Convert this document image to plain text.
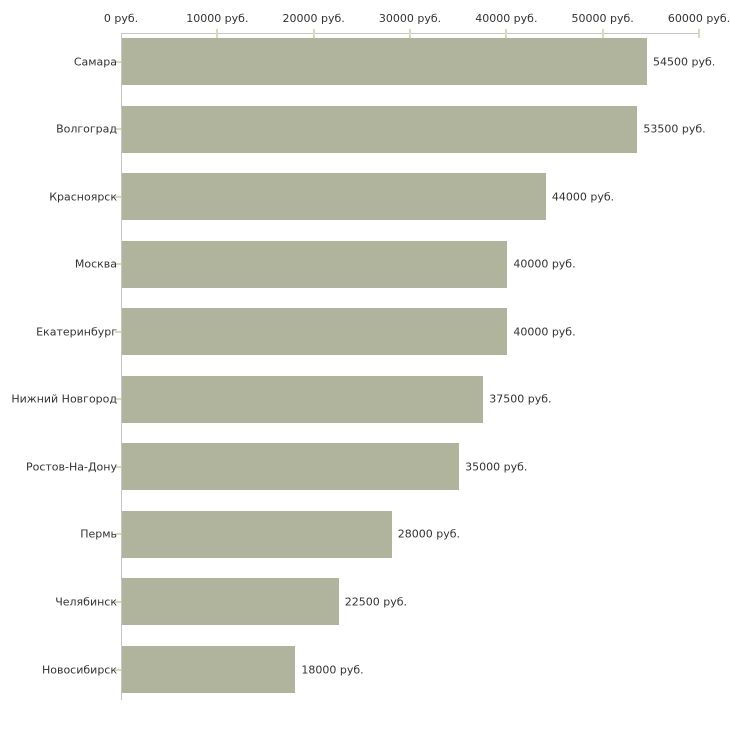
0 руб.	10000 руб.	20000 руб.	30000 руб.	40000 руб.	50000 руб.	60000 руб.
Самара	54500 руб.
Волгоград	53500 руб.
Красноярск	44000 руб.
Москва	40000 руб.
Екатеринбург	40000 руб.
Нижний Новгород	37500 руб.
Ростов-На-Дону	35000 руб.
Пермь	28000 руб.
Челябинск	22500 руб.
Новосибирск	18000 руб.
